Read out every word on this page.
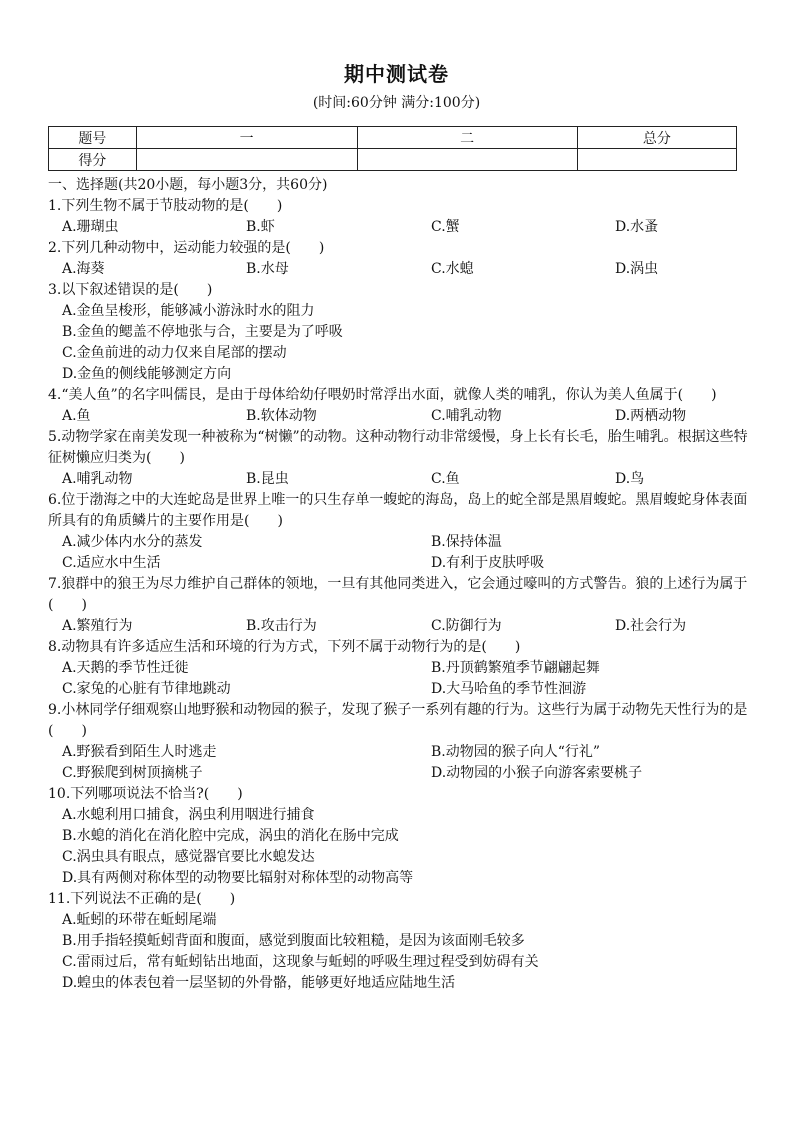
期中测试卷
(时间:60分钟 满分:100分)
题号	一	二	总分
得分			
一、选择题(共20小题，每小题3分，共60分)
1.下列生物不属于节肢动物的是(　　)
A.珊瑚虫	B.虾	C.蟹	D.水蚤
2.下列几种动物中，运动能力较强的是(　　)
A.海葵	B.水母	C.水螅	D.涡虫
3.以下叙述错误的是(　　)
A.金鱼呈梭形，能够减小游泳时水的阻力
B.金鱼的鳃盖不停地张与合，主要是为了呼吸
C.金鱼前进的动力仅来自尾部的摆动
D.金鱼的侧线能够测定方向
4.“美人鱼”的名字叫儒艮，是由于母体给幼仔喂奶时常浮出水面，就像人类的哺乳，你认为美人鱼属于(　　)
A.鱼	B.软体动物	C.哺乳动物	D.两栖动物
5.动物学家在南美发现一种被称为“树懒”的动物。这种动物行动非常缓慢，身上长有长毛，胎生哺乳。根据这些特征树懒应归类为(　　)
A.哺乳动物	B.昆虫	C.鱼	D.鸟
6.位于渤海之中的大连蛇岛是世界上唯一的只生存单一蝮蛇的海岛，岛上的蛇全部是黑眉蝮蛇。黑眉蝮蛇身体表面所具有的角质鳞片的主要作用是(　　)
A.减少体内水分的蒸发	B.保持体温
C.适应水中生活	D.有利于皮肤呼吸
7.狼群中的狼王为尽力维护自己群体的领地，一旦有其他同类进入，它会通过嚎叫的方式警告。狼的上述行为属于(　　)
A.繁殖行为	B.攻击行为	C.防御行为	D.社会行为
8.动物具有许多适应生活和环境的行为方式，下列不属于动物行为的是(　　)
A.天鹅的季节性迁徙	B.丹顶鹤繁殖季节翩翩起舞
C.家兔的心脏有节律地跳动	D.大马哈鱼的季节性洄游
9.小林同学仔细观察山地野猴和动物园的猴子，发现了猴子一系列有趣的行为。这些行为属于动物先天性行为的是(　　)
A.野猴看到陌生人时逃走	B.动物园的猴子向人“行礼”
C.野猴爬到树顶摘桃子	D.动物园的小猴子向游客索要桃子
10.下列哪项说法不恰当?(　　)
A.水螅利用口捕食，涡虫利用咽进行捕食
B.水螅的消化在消化腔中完成，涡虫的消化在肠中完成
C.涡虫具有眼点，感觉器官要比水螅发达
D.具有两侧对称体型的动物要比辐射对称体型的动物高等
11.下列说法不正确的是(　　)
A.蚯蚓的环带在蚯蚓尾端
B.用手指轻摸蚯蚓背面和腹面，感觉到腹面比较粗糙，是因为该面刚毛较多
C.雷雨过后，常有蚯蚓钻出地面，这现象与蚯蚓的呼吸生理过程受到妨碍有关
D.蝗虫的体表包着一层坚韧的外骨骼，能够更好地适应陆地生活
